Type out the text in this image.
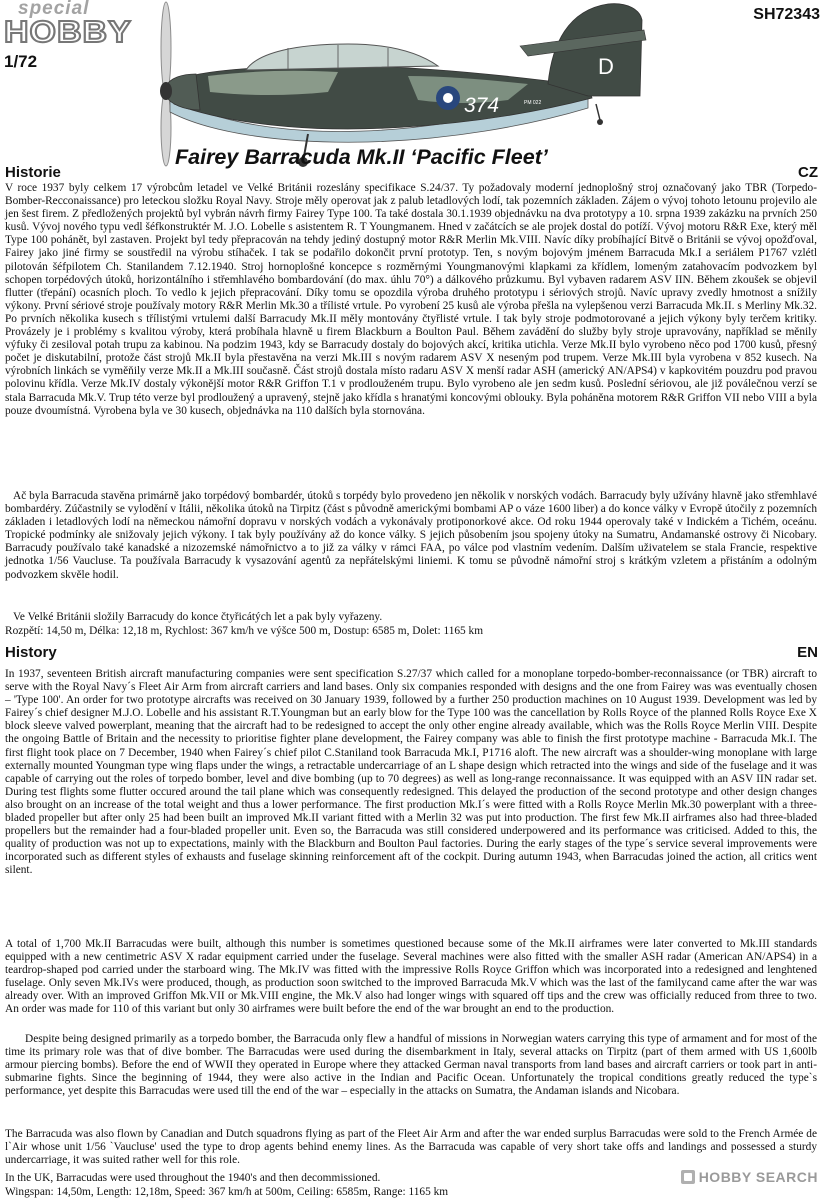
special
HOBBY
1/72
SH72343
D
374	PM 022
Fairey Barracuda Mk.II ‘Pacific Fleet’
Historie	CZ

V roce 1937 byly celkem 17 výrobcům letadel ve Velké Británii rozeslány specifikace S.24/37. Ty požadovaly moderní jednoplošný stroj označovaný jako TBR (Torpedo-Bomber-Recconaissance) pro leteckou složku Royal Navy. Stroje měly operovat jak z palub letadlových lodí, tak pozemních základen. Zájem o vývoj tohoto letounu projevilo ale jen šest firem. Z předložených projektů byl vybrán návrh firmy Fairey Type 100. Ta také dostala 30.1.1939 objednávku na dva prototypy a 10. srpna 1939 zakázku na prvních 250 kusů. Vývoj nového typu vedl šéfkonstruktér M. J.O. Lobelle s asistentem R. T Youngmanem. Hned v začátcích se ale projek dostal do potíží. Vývoj motoru R&R Exe, který měl Type 100 pohánět, byl zastaven. Projekt byl tedy přepracován na tehdy jediný dostupný motor R&R Merlin Mk.VIII. Navíc díky probíhající Bitvě o Británii se vývoj opožďoval, Fairey jako jiné firmy se soustředil na výrobu stíhaček. I tak se podařilo dokončit první prototyp. Ten, s novým bojovým jménem Barracuda Mk.I a seriálem P1767 vzlétl pilotován šéfpilotem Ch. Stanilandem 7.12.1940. Stroj hornoplošné koncepce s rozměrnými Youngmanovými klapkami za křídlem, lomeným zatahovacím podvozkem byl schopen torpédových útoků, horizontálního i střemhlavého bombardování (do max. úhlu 70°) a dálkového průzkumu. Byl vybaven radarem ASV IIN. Během zkoušek se objevil flutter (třepání) ocasních ploch. To vedlo k jejich přepracování. Díky tomu se opozdila výroba druhého prototypu i sériových strojů. Navíc upravy zvedly hmotnost a snížily výkony. První sériové stroje používaly motory R&R Merlin Mk.30 a třílisté vrtule. Po vyrobení 25 kusů ale výroba přešla na vylepšenou verzi Barracuda Mk.II. s Merliny Mk.32. Po prvních několika kusech s třílistými vrtulemi další Barracudy Mk.II měly montovány čtyřlisté vrtule. I tak byly stroje podmotorované a jejich výkony byly terčem kritiky. Provázely je i problémy s kvalitou výroby, která probíhala hlavně u firem Blackburn a Boulton Paul. Během zavádění do služby byly stroje upravovány, například se měnily výfuky či zesiloval potah trupu za kabinou. Na podzim 1943, kdy se Barracudy dostaly do bojových akcí, kritika utichla. Verze Mk.II bylo vyrobeno něco pod 1700 kusů, přesný počet je diskutabilní, protože část strojů Mk.II byla přestavěna na verzi Mk.III s novým radarem ASV X neseným pod trupem. Verze Mk.III byla vyrobena v 852 kusech. Na výrobních linkách se vyměňily verze Mk.II a Mk.III současně. Část strojů dostala místo radaru ASV X menší radar ASH (americký AN/APS4) v kapkovitém pouzdru pod pravou polovinu křídla. Verze Mk.IV dostaly výkonější motor R&R Griffon T.1 v prodlouženém trupu. Bylo vyrobeno ale jen sedm kusů. Poslední sériovou, ale již poválečnou verzí se stala Barracuda Mk.V. Trup této verze byl prodloužený a upravený, stejně jako křídla s hranatými koncovými oblouky. Byla poháněna motorem R&R Griffon VII nebo VIII a byla pouze dvoumístná. Vyrobena byla ve 30 kusech, objednávka na 110 dalších byla stornována.

Ač byla Barracuda stavěna primárně jako torpédový bombardér, útoků s torpédy bylo provedeno jen několik v norských vodách. Barracudy byly užívány hlavně jako střemhlavé bombardéry. Zúčastnily se vylodění v Itálii, několika útoků na Tirpitz (část s původně americkými bombami AP o váze 1600 liber) a do konce války v Evropě útočily z pozemních základen i letadlových lodí na německou námořní dopravu v norských vodách a vykonávaly protiponorkové akce. Od roku 1944 operovaly také v Indickém a Tichém, oceánu. Tropické podmínky ale snižovaly jejich výkony. I tak byly používány až do konce války. S jejich působením jsou spojeny útoky na Sumatru, Andamanské ostrovy či Nicobary. Barracudy používalo také kanadské a nizozemské námořnictvo a to již za války v rámci FAA, po válce pod vlastním vedením. Dalším uživatelem se stala Francie, respektive jednotka 1/56 Vaucluse. Ta používala Barracudy k vysazování agentů za nepřátelskými liniemi. K tomu se původně námořní stroj s krátkým vzletem a přistáním a odolným podvozkem skvěle hodil.

Ve Velké Británii složily Barracudy do konce čtyřicátých let a pak byly vyřazeny.

Rozpětí: 14,50 m, Délka: 12,18 m, Rychlost: 367 km/h ve výšce 500 m, Dostup: 6585 m, Dolet: 1165 km

History	EN

In 1937, seventeen British aircraft manufacturing companies were sent specification S.27/37 which called for a monoplane torpedo-bomber-reconnaissance (or TBR) aircraft to serve with the Royal Navy´s Fleet Air Arm from aircraft carriers and land bases. Only six companies responded with designs and the one from Fairey was was eventually chosen – 'Type 100'. An order for two prototype aircrafts was received on 30 January 1939, followed by a further 250 production machines on 10 August 1939. Development was led by Fairey´s chief designer M.J.O. Lobelle and his assistant R.T.Youngman but an early blow for the Type 100 was the cancellation by Rolls Royce of the planned Rolls Royce Exe X block sleeve valved powerplant, meaning that the aircraft had to be redesigned to accept the only other engine already available, which was the Rolls Royce Merlin VIII. Despite the ongoing Battle of Britain and the necessity to prioritise fighter plane development, the Fairey company was able to finish the first prototype machine - Barracuda Mk.I. The first flight took place on 7 December, 1940 when Fairey´s chief pilot C.Staniland took Barracuda Mk.I, P1716 aloft. The new aircraft was a shoulder-wing monoplane with large externally mounted Youngman type wing flaps under the wings, a retractable undercarriage of an L shape design which retracted into the wings and side of the fuselage and it was capable of carrying out the roles of torpedo bomber, level and dive bombing (up to 70 degrees) as well as long-range reconnaissance. It was equipped with an ASV IIN radar set. During test flights some flutter occured around the tail plane which was consequently redesigned. This delayed the production of the second prototype and other design changes also brought on an increase of the total weight and thus a lower performance. The first production Mk.I´s were fitted with a Rolls Royce Merlin Mk.30 powerplant with a three-bladed propeller but after only 25 had been built an improved Mk.II variant fitted with a Merlin 32 was put into production. The first few Mk.II airframes also had three-bladed propellers but the remainder had a four-bladed propeller unit. Even so, the Barracuda was still considered underpowered and its performance was criticised. Added to this, the quality of production was not up to expectations, mainly with the Blackburn and Boulton Paul factories. During the early stages of the type´s service several improvements were incorporated such as different styles of exhausts and fuselage skinning reinforcement aft of the cockpit. During autumn 1943, when Barracudas joined the action, all critics went silent.

A total of 1,700 Mk.II Barracudas were built, although this number is sometimes questioned because some of the Mk.II airframes were later converted to Mk.III standards equipped with a new centimetric ASV X radar equipment carried under the fuselage. Several machines were also fitted with the smaller ASH radar (American AN/APS4) in a teardrop-shaped pod carried under the starboard wing. The Mk.IV was fitted with the impressive Rolls Royce Griffon which was incorporated into a redesigned and lenghtened fuselage. Only seven Mk.IVs were produced, though, as production soon switched to the improved Barracuda Mk.V which was the last of the familycand came after the war was already over. With an improved Griffon Mk.VII or Mk.VIII engine, the Mk.V also had longer wings with squared off tips and the crew was officially reduced from three to two. An order was made for 110 of this variant but only 30 airframes were built before the end of the war brought an end to the production.

Despite being designed primarily as a torpedo bomber, the Barracuda only flew a handful of missions in Norwegian waters carrying this type of armament and for most of the time its primary role was that of dive bomber. The Barracudas were used during the disembarkment in Italy, several attacks on Tirpitz (part of them armed with US 1,600lb armour piercing bombs). Before the end of WWII they operated in Europe where they attacked German naval transports from land bases and aircraft carriers or took part in anti-submarine fights. Since the beginning of 1944, they were also active in the Indian and Pacific Ocean. Unfortunately the tropical conditions greatly reduced the type`s performance, yet despite this Barracudas were used till the end of the war – especially in the attacks on Sumatra, the Andaman islands and Nicobara.

The Barracuda was also flown by Canadian and Dutch squadrons flying as part of the Fleet Air Arm and after the war ended surplus Barracudas were sold to the French Armée de l`Air whose unit 1/56 `Vaucluse' used the type to drop agents behind enemy lines. As the Barracuda was capable of very short take offs and landings and possessed a sturdy undercarriage, it was suited rather well for this role.

In the UK, Barracudas were used throughout the 1940's and then decommissioned.

Wingspan: 14,50m, Length: 12,18m, Speed: 367 km/h at 500m, Ceiling: 6585m, Range: 1165 km

HOBBY SEARCH
